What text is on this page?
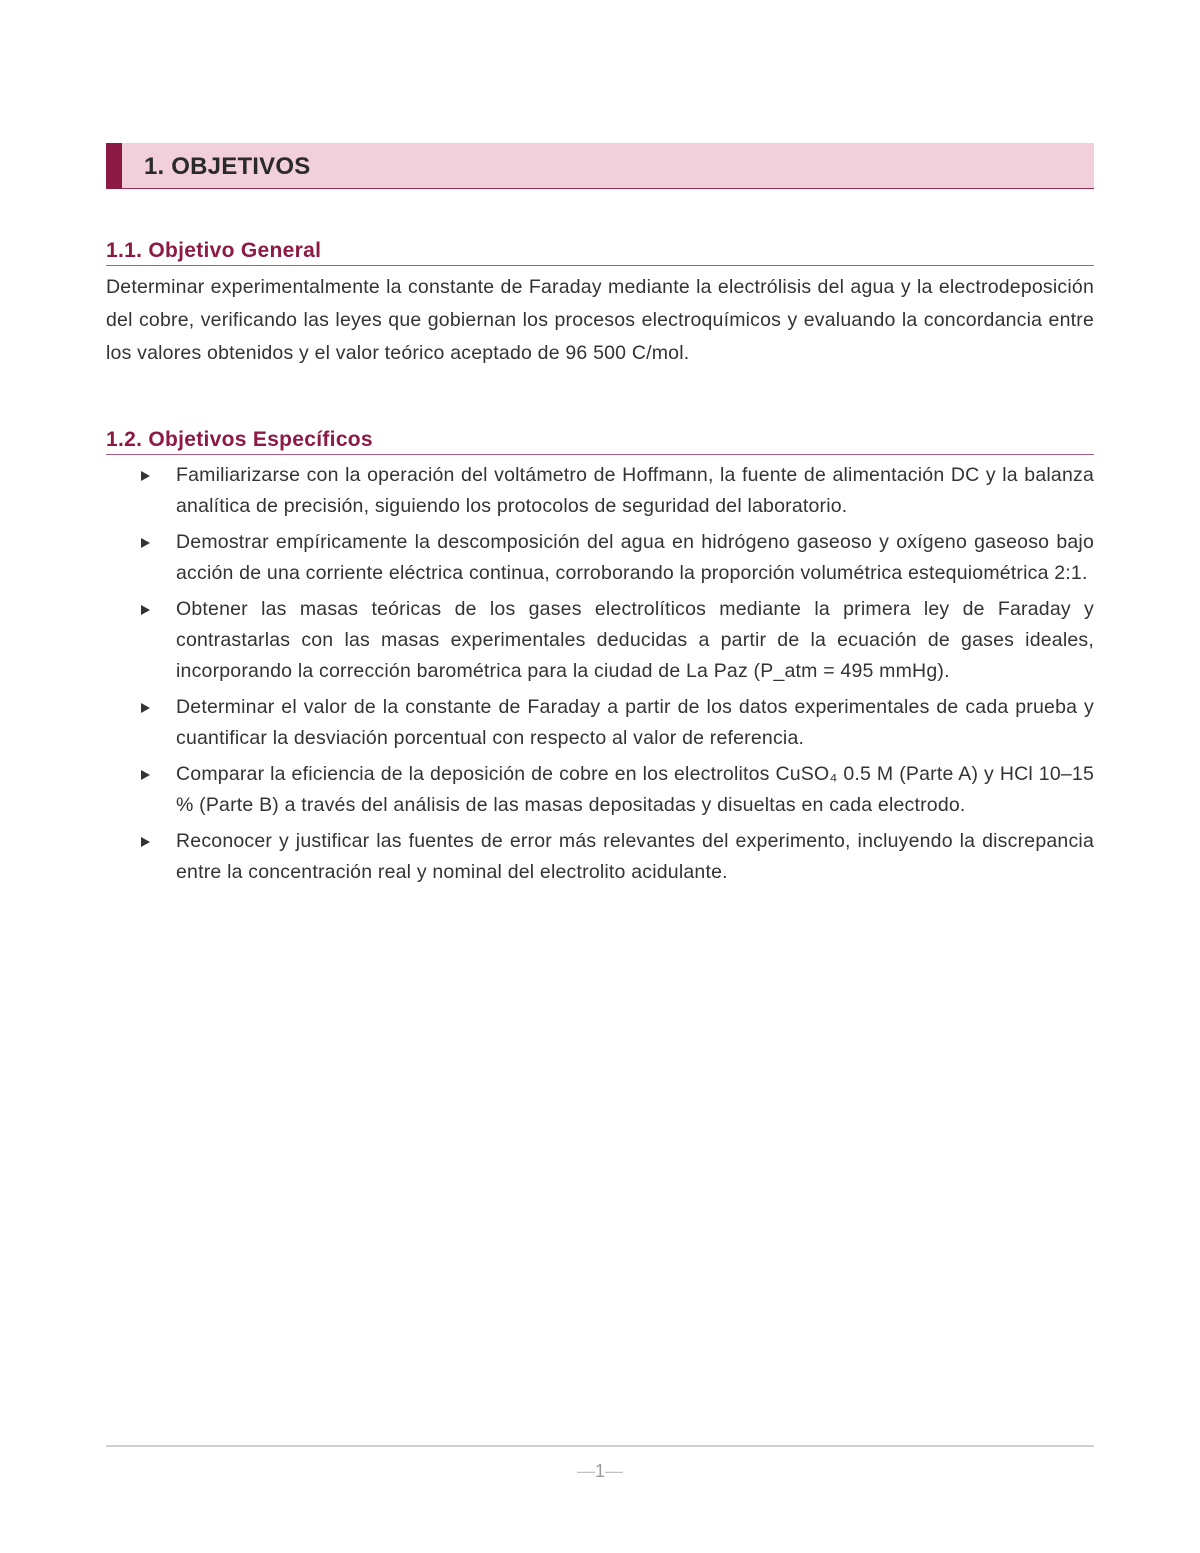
1. OBJETIVOS
1.1. Objetivo General

Determinar experimentalmente la constante de Faraday mediante la electrólisis del agua y la electrodeposición del cobre, verificando las leyes que gobiernan los procesos electroquímicos y evaluando la concordancia entre los valores obtenidos y el valor teórico aceptado de 96 500 C/mol.

1.2. Objetivos Específicos
Familiarizarse con la operación del voltámetro de Hoffmann, la fuente de alimentación DC y la balanza analítica de precisión, siguiendo los protocolos de seguridad del laboratorio.
Demostrar empíricamente la descomposición del agua en hidrógeno gaseoso y oxígeno gaseoso bajo acción de una corriente eléctrica continua, corroborando la proporción volumétrica estequiométrica 2:1.
Obtener las masas teóricas de los gases electrolíticos mediante la primera ley de Faraday y contrastarlas con las masas experimentales deducidas a partir de la ecuación de gases ideales, incorporando la corrección barométrica para la ciudad de La Paz (P_atm = 495 mmHg).
Determinar el valor de la constante de Faraday a partir de los datos experimentales de cada prueba y cuantificar la desviación porcentual con respecto al valor de referencia.
Comparar la eficiencia de la deposición de cobre en los electrolitos CuSO₄ 0.5 M (Parte A) y HCl 10–15 % (Parte B) a través del análisis de las masas depositadas y disueltas en cada electrodo.
Reconocer y justificar las fuentes de error más relevantes del experimento, incluyendo la discrepancia entre la concentración real y nominal del electrolito acidulante.
—1—
